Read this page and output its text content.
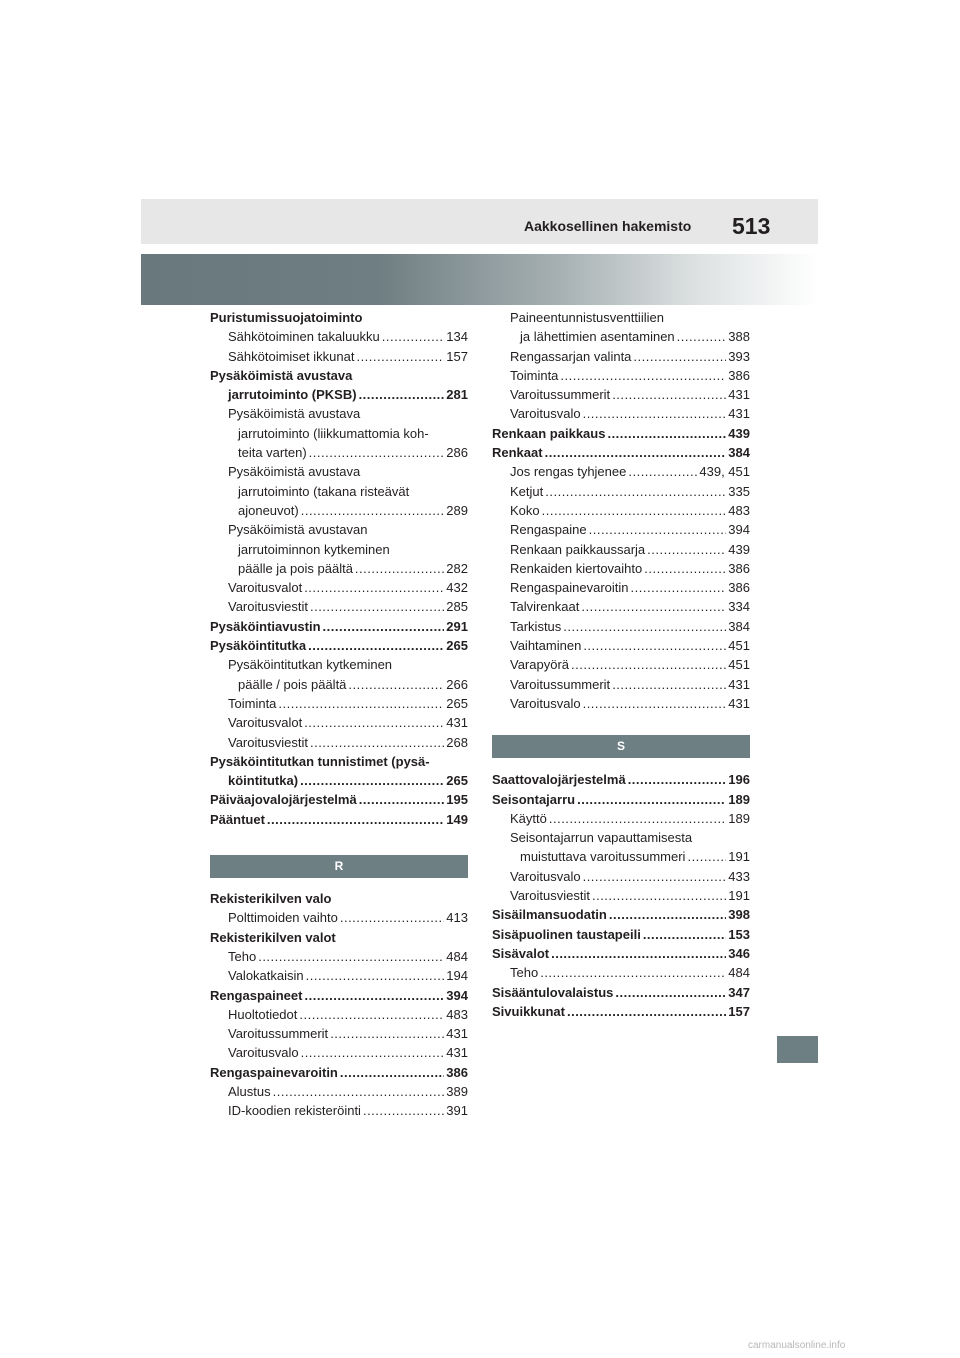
Aakkosellinen hakemisto 513
Puristumissuojatoiminto
Sähkötoiminen takaluukku .....	134
Sähkötoimiset ikkunat .....	157
Pysäköimistä avustava
jarrutoiminto (PKSB) .....	281
Pysäköimistä avustava
jarrutoiminto (liikkumattomia koh-
teita varten) .....	286
Pysäköimistä avustava
jarrutoiminto (takana risteävät
ajoneuvot) .....	289
Pysäköimistä avustavan
jarrutoiminnon kytkeminen
päälle ja pois päältä .....	282
Varoitusvalot .....	432
Varoitusviestit .....	285
Pysäköintiavustin .....	291
Pysäköintitutka .....	265
Pysäköintitutkan kytkeminen
päälle / pois päältä .....	266
Toiminta .....	265
Varoitusvalot .....	431
Varoitusviestit .....	268
Pysäköintitutkan tunnistimet (pysä-
köintitutka) .....	265
Päiväajovalojärjestelmä .....	195
Pääntuet .....	149
R
Rekisterikilven valo
Polttimoiden vaihto .....	413
Rekisterikilven valot
Teho .....	484
Valokatkaisin .....	194
Rengaspaineet .....	394
Huoltotiedot .....	483
Varoitussummerit .....	431
Varoitusvalo .....	431
Rengaspainevaroitin .....	386
Alustus .....	389
ID-koodien rekisteröinti .....	391
Paineentunnistusventtiilien
ja lähettimien asentaminen .....	388
Rengassarjan valinta .....	393
Toiminta .....	386
Varoitussummerit .....	431
Varoitusvalo .....	431
Renkaan paikkaus .....	439
Renkaat .....	384
Jos rengas tyhjenee .....	439, 451
Ketjut .....	335
Koko .....	483
Rengaspaine .....	394
Renkaan paikkaussarja .....	439
Renkaiden kiertovaihto .....	386
Rengaspainevaroitin .....	386
Talvirenkaat .....	334
Tarkistus .....	384
Vaihtaminen .....	451
Varapyörä .....	451
Varoitussummerit .....	431
Varoitusvalo .....	431
S
Saattovalojärjestelmä .....	196
Seisontajarru .....	189
Käyttö .....	189
Seisontajarrun vapauttamisesta
muistuttava varoitussummeri .....	191
Varoitusvalo .....	433
Varoitusviestit .....	191
Sisäilmansuodatin .....	398
Sisäpuolinen taustapeili .....	153
Sisävalot .....	346
Teho .....	484
Sisääntulovalaistus .....	347
Sivuikkunat .....	157
carmanualsonline.info
